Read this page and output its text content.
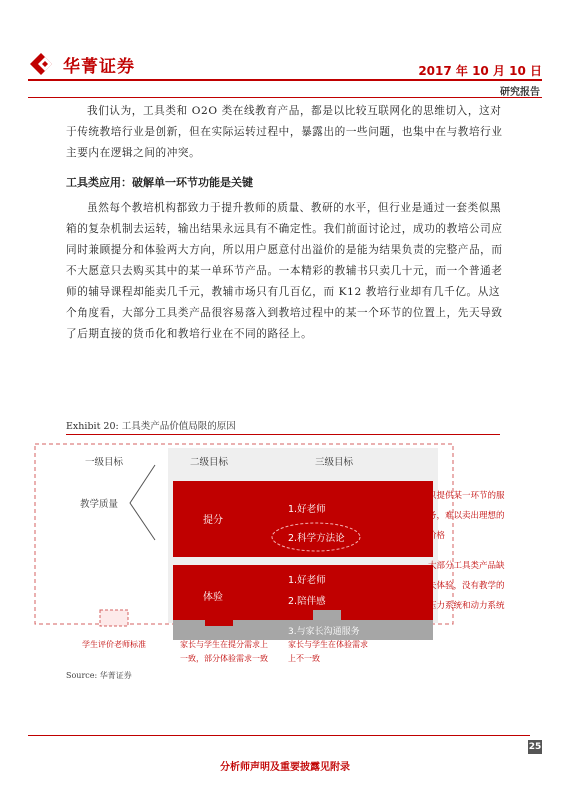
华菁证券	2017 年 10 月 10 日
研究报告

我们认为，工具类和 O2O 类在线教育产品，都是以比较互联网化的思维切入，这对于传统教培行业是创新，但在实际运转过程中，暴露出的一些问题，也集中在与教培行业主要内在逻辑之间的冲突。

工具类应用：破解单一环节功能是关键

虽然每个教培机构都致力于提升教师的质量、教研的水平，但行业是通过一套类似黑箱的复杂机制去运转，输出结果永远具有不确定性。我们前面讨论过，成功的教培公司应同时兼顾提分和体验两大方向，所以用户愿意付出溢价的是能为结果负责的完整产品，而不大愿意只去购买其中的某一单环节产品。一本精彩的教辅书只卖几十元，而一个普通老师的辅导课程却能卖几千元，教辅市场只有几百亿，而 K12 教培行业却有几千亿。从这个角度看，大部分工具类产品很容易落入到教培过程中的某一个环节的位置上，先天导致了后期直接的货币化和教培行业在不同的路径上。

Exhibit 20: 工具类产品价值局限的原因
一级目标	二级目标	三级目标
教学质量
提分
1.好老师
2.科学方法论
体验
1.好老师
2.陪伴感
3.与家长沟通服务
只提供某一环节的服
务，难以卖出理想的
价格
大部分工具类产品缺
失体验，没有教学的
压力系统和动力系统
学生评价老师标准	家长与学生在提分需求上
一致，部分体验需求一致
家长与学生在体验需求
上不一致
Source: 华菁证券
25
分析师声明及重要披露见附录
